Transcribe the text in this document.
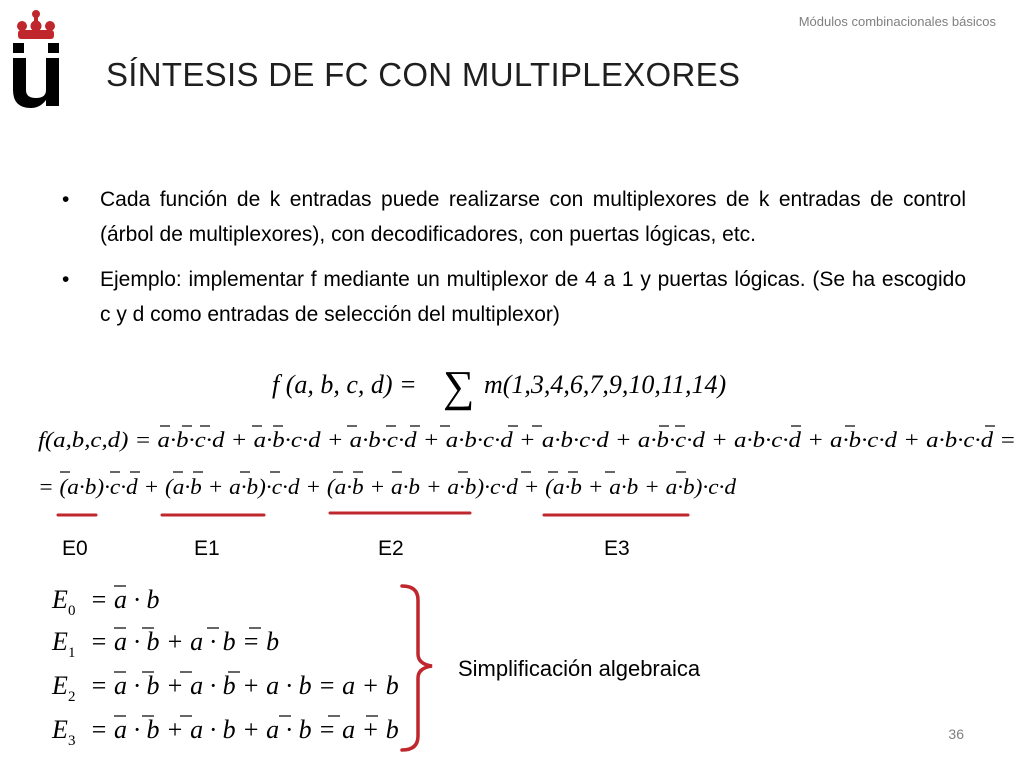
Módulos combinacionales básicos
SÍNTESIS DE FC CON MULTIPLEXORES
• Cada función de k entradas puede realizarse con multiplexores de k entradas de control (árbol de multiplexores), con decodificadores, con puertas lógicas, etc.
• Ejemplo: implementar f mediante un multiplexor de 4 a 1 y puertas lógicas. (Se ha escogido c y d como entradas de selección del multiplexor)
f (a, b, c, d) = ∑ m(1,3,4,6,7,9,10,11,14)
f(a,b,c,d) = a·b·c·d + a·b·c·d + a·b·c·d + a·b·c·d + a·b·c·d + a·b·c·d + a·b·c·d + a·b·c·d + a·b·c·d =
= (a·b)·c·d + (a·b + a·b)·c·d + (a·b + a·b + a·b)·c·d + (a·b + a·b + a·b)·c·d
E0	E1	E2	E3
E 0 = a · b
E 1 = a · b + a · b = b
E 2 = a · b + a · b + a · b = a + b
E 3 = a · b + a · b + a · b = a + b
Simplificación algebraica
36
